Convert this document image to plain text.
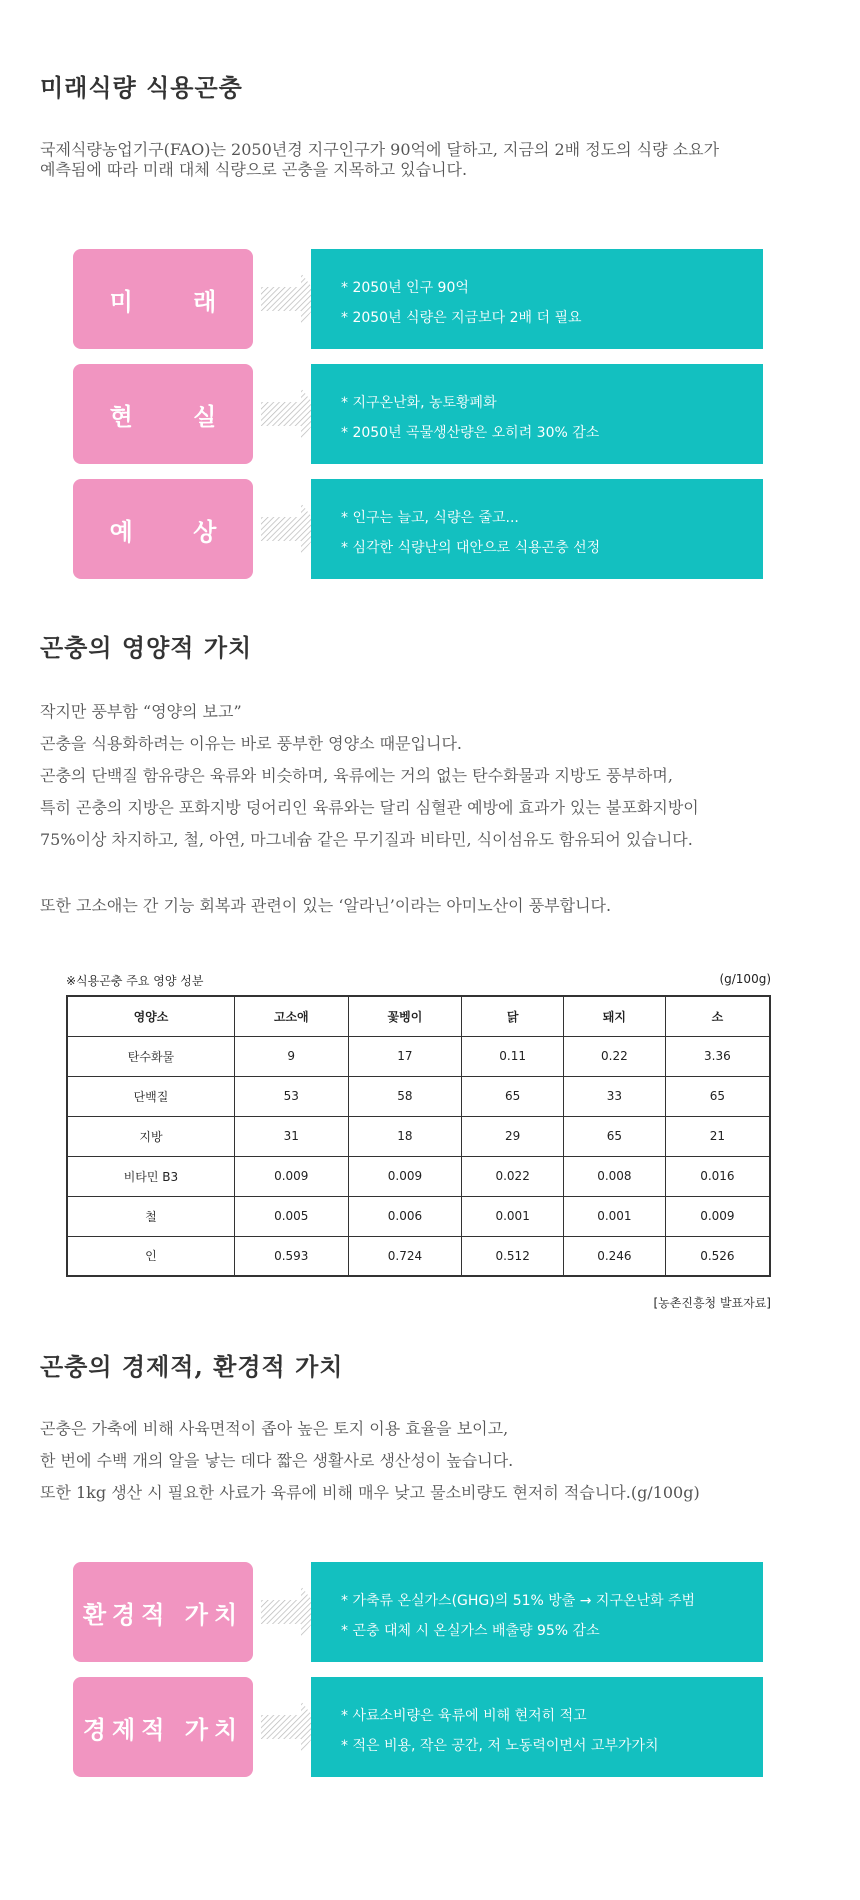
미래식량 식용곤충

국제식량농업기구(FAO)는 2050년경 지구인구가 90억에 달하고, 지금의 2배 정도의 식량 소요가

예측됨에 따라 미래 대체 식량으로 곤충을 지목하고 있습니다.

미 래	* 2050년 인구 90억

* 2050년 식량은 지금보다 2배 더 필요

현 실	* 지구온난화, 농토황폐화

* 2050년 곡물생산량은 오히려 30% 감소

예 상	* 인구는 늘고, 식량은 줄고...

* 심각한 식량난의 대안으로 식용곤충 선정

곤충의 영양적 가치

작지만 풍부함 “영양의 보고”

곤충을 식용화하려는 이유는 바로 풍부한 영양소 때문입니다.

곤충의 단백질 함유량은 육류와 비슷하며, 육류에는 거의 없는 탄수화물과 지방도 풍부하며,

특히 곤충의 지방은 포화지방 덩어리인 육류와는 달리 심혈관 예방에 효과가 있는 불포화지방이

75%이상 차지하고, 철, 아연, 마그네슘 같은 무기질과 비타민, 식이섬유도 함유되어 있습니다.

또한 고소애는 간 기능 회복과 관련이 있는 ‘알라닌’이라는 아미노산이 풍부합니다.

※식용곤충 주요 영양 성분	(g/100g)
영양소	고소애	꽃벵이	닭	돼지	소
탄수화물	9	17	0.11	0.22	3.36
단백질	53	58	65	33	65
지방	31	18	29	65	21
비타민 B3	0.009	0.009	0.022	0.008	0.016
철	0.005	0.006	0.001	0.001	0.009
인	0.593	0.724	0.512	0.246	0.526
[농촌진흥청 발표자료]
곤충의 경제적, 환경적 가치

곤충은 가축에 비해 사육면적이 좁아 높은 토지 이용 효율을 보이고,

한 번에 수백 개의 알을 낳는 데다 짧은 생활사로 생산성이 높습니다.

또한 1kg 생산 시 필요한 사료가 육류에 비해 매우 낮고 물소비량도 현저히 적습니다.(g/100g)

환경적 가치	* 가축류 온실가스(GHG)의 51% 방출 → 지구온난화 주범

* 곤충 대체 시 온실가스 배출량 95% 감소

경제적 가치	* 사료소비량은 육류에 비해 현저히 적고

* 적은 비용, 작은 공간, 저 노동력이면서 고부가가치
